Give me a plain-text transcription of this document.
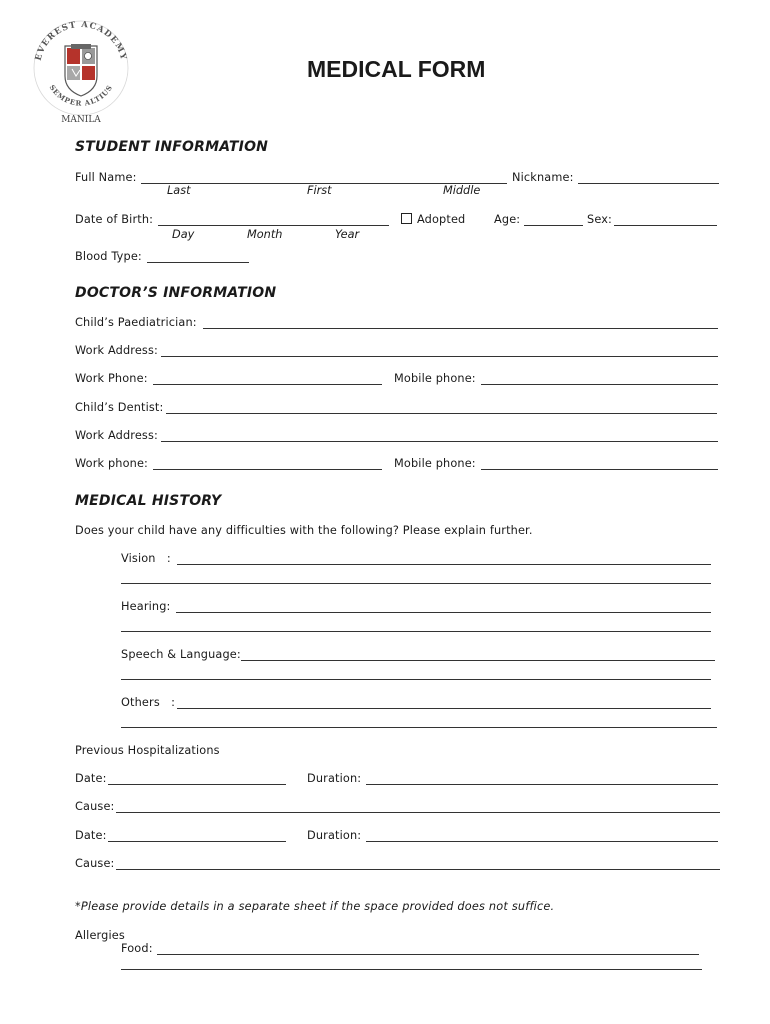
EVEREST ACADEMY
SEMPER ALTIUS
MANILA
MEDICAL FORM
STUDENT INFORMATION
Full Name:
Last	First	Middle
Nickname:
Date of Birth:
Day	Month	Year
Adopted	Age:	Sex:
Blood Type:
DOCTOR’S INFORMATION
Child’s Paediatrician:
Work Address:
Work Phone:	Mobile phone:
Child’s Dentist:
Work Address:
Work phone:	Mobile phone:
MEDICAL HISTORY
Does your child have any difficulties with the following? Please explain further.
Vision   :
Hearing:
Speech & Language:
Others   :
Previous Hospitalizations
Date:	Duration:
Cause:
Date:	Duration:
Cause:
*Please provide details in a separate sheet if the space provided does not suffice.
Allergies
Food:
